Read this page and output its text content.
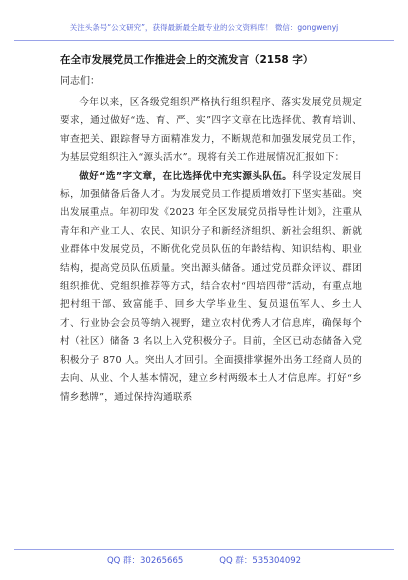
关注头条号“公文研究”，获得最新最全最专业的公文资料库！ 微信：gongwenyj

在全市发展党员工作推进会上的交流发言（2158 字）

同志们：

今年以来，区各级党组织严格执行组织程序、落实发展党员规定要求，通过做好“选、育、严、实”四字文章在比选择优、教育培训、审查把关、跟踪督导方面精准发力，不断规范和加强发展党员工作，为基层党组织注入“源头活水”。现将有关工作进展情况汇报如下：

做好“选”字文章，在比选择优中充实源头队伍。科学设定发展目标，加强储备后备人才。为发展党员工作提质增效打下坚实基础。突出发展重点。年初印发《2023 年全区发展党员指导性计划》，注重从青年和产业工人、农民、知识分子和新经济组织、新社会组织、新就业群体中发展党员，不断优化党员队伍的年龄结构、知识结构、职业结构，提高党员队伍质量。突出源头储备。通过党员群众评议、群团组织推优、党组织推荐等方式，结合农村“四培四带”活动，有重点地把村组干部、致富能手、回乡大学毕业生、复员退伍军人、乡土人才、行业协会会员等纳入视野，建立农村优秀人才信息库，确保每个村（社区）储备 3 名以上入党积极分子。目前，全区已动态储备入党积极分子 870 人。突出人才回引。全面摸排掌握外出务工经商人员的去向、从业、个人基本情况，建立乡村两级本土人才信息库。打好“乡情乡愁牌”，通过保持沟通联系

QQ 群：30265665	QQ 群：535304092
